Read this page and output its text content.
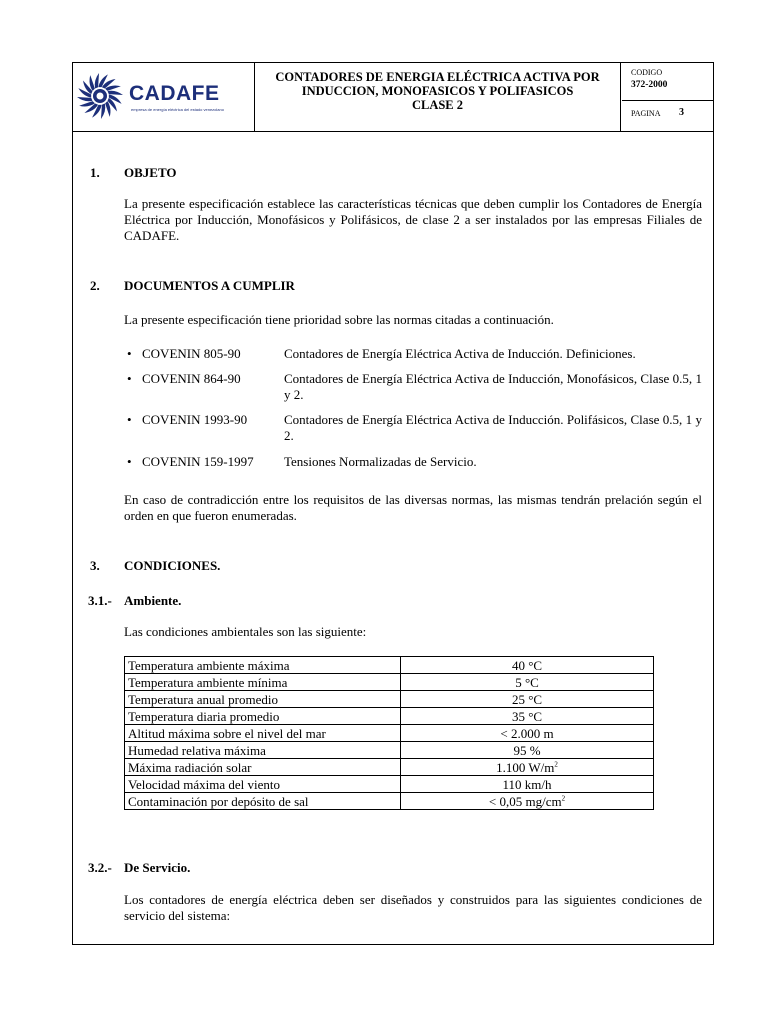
CADAFE
empresa de energía eléctrica del estado venezolano
CONTADORES DE ENERGIA ELÉCTRICA ACTIVA POR
INDUCCION, MONOFASICOS Y POLIFASICOS
CLASE 2
CODIGO
372-2000
PAGINA 3
1. OBJETO
La presente especificación establece las características técnicas que deben cumplir los Contadores de Energía Eléctrica por Inducción, Monofásicos y Polifásicos, de clase 2 a ser instalados por las empresas Filiales de CADAFE.
2. DOCUMENTOS A CUMPLIR
La presente especificación tiene prioridad sobre las normas citadas a continuación.
• COVENIN 805-90	Contadores de Energía Eléctrica Activa de Inducción. Definiciones.
• COVENIN 864-90	Contadores de Energía Eléctrica Activa de Inducción, Monofásicos, Clase 0.5, 1 y 2.
• COVENIN 1993-90	Contadores de Energía Eléctrica Activa de Inducción. Polifásicos, Clase 0.5, 1 y 2.
• COVENIN 159-1997 Tensiones Normalizadas de Servicio.
En caso de contradicción entre los requisitos de las diversas normas, las mismas tendrán prelación según el orden en que fueron enumeradas.
3. CONDICIONES.
3.1.- Ambiente.
Las condiciones ambientales son las siguiente:
Temperatura ambiente máxima	40 °C
Temperatura ambiente mínima	5 °C
Temperatura anual promedio	25 °C
Temperatura diaria promedio	35 °C
Altitud máxima sobre el nivel del mar	< 2.000 m
Humedad relativa máxima	95 %
Máxima radiación solar	1.100 $W/m^2$
Velocidad máxima del viento	110 km/h
Contaminación por depósito de sal	< 0,05 $mg/cm^2$
3.2.- De Servicio.
Los contadores de energía eléctrica deben ser diseñados y construidos para las siguientes condiciones de servicio del sistema:
